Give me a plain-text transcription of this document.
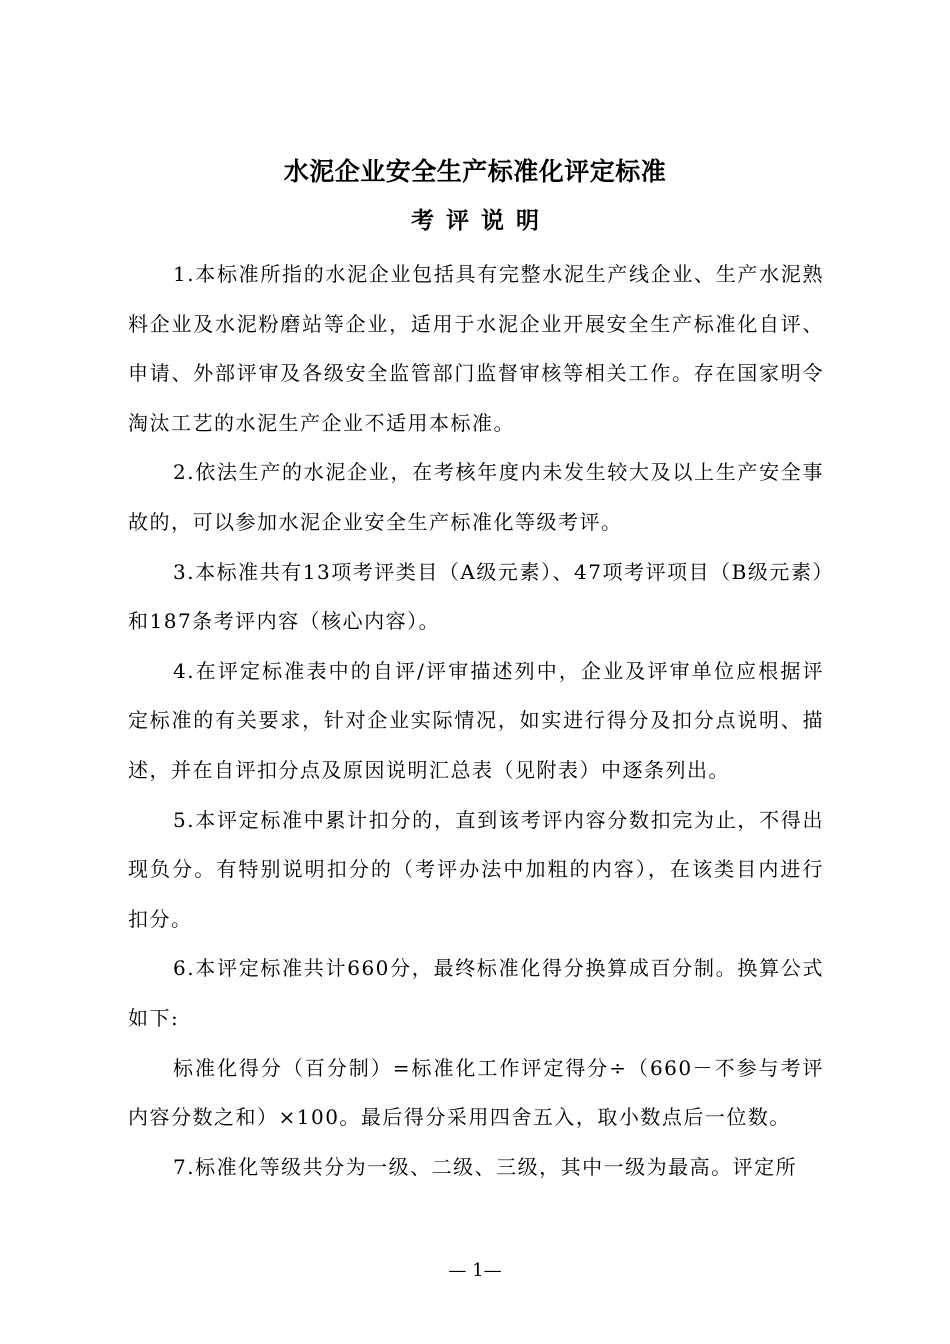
水泥企业安全生产标准化评定标准
考评说明

1.本标准所指的水泥企业包括具有完整水泥生产线企业、生产水泥熟料企业及水泥粉磨站等企业，适用于水泥企业开展安全生产标准化自评、申请、外部评审及各级安全监管部门监督审核等相关工作。存在国家明令淘汰工艺的水泥生产企业不适用本标准。

2.依法生产的水泥企业，在考核年度内未发生较大及以上生产安全事故的，可以参加水泥企业安全生产标准化等级考评。

3.本标准共有13项考评类目（A级元素）、47项考评项目（B级元素）和187条考评内容（核心内容）。

4.在评定标准表中的自评/评审描述列中，企业及评审单位应根据评定标准的有关要求，针对企业实际情况，如实进行得分及扣分点说明、描述，并在自评扣分点及原因说明汇总表（见附表）中逐条列出。

5.本评定标准中累计扣分的，直到该考评内容分数扣完为止，不得出现负分。有特别说明扣分的（考评办法中加粗的内容），在该类目内进行扣分。

6.本评定标准共计660分，最终标准化得分换算成百分制。换算公式如下:

标准化得分（百分制）=标准化工作评定得分÷（660－不参与考评内容分数之和）×100。最后得分采用四舍五入，取小数点后一位数。

7.标准化等级共分为一级、二级、三级，其中一级为最高。评定所

— 1—
